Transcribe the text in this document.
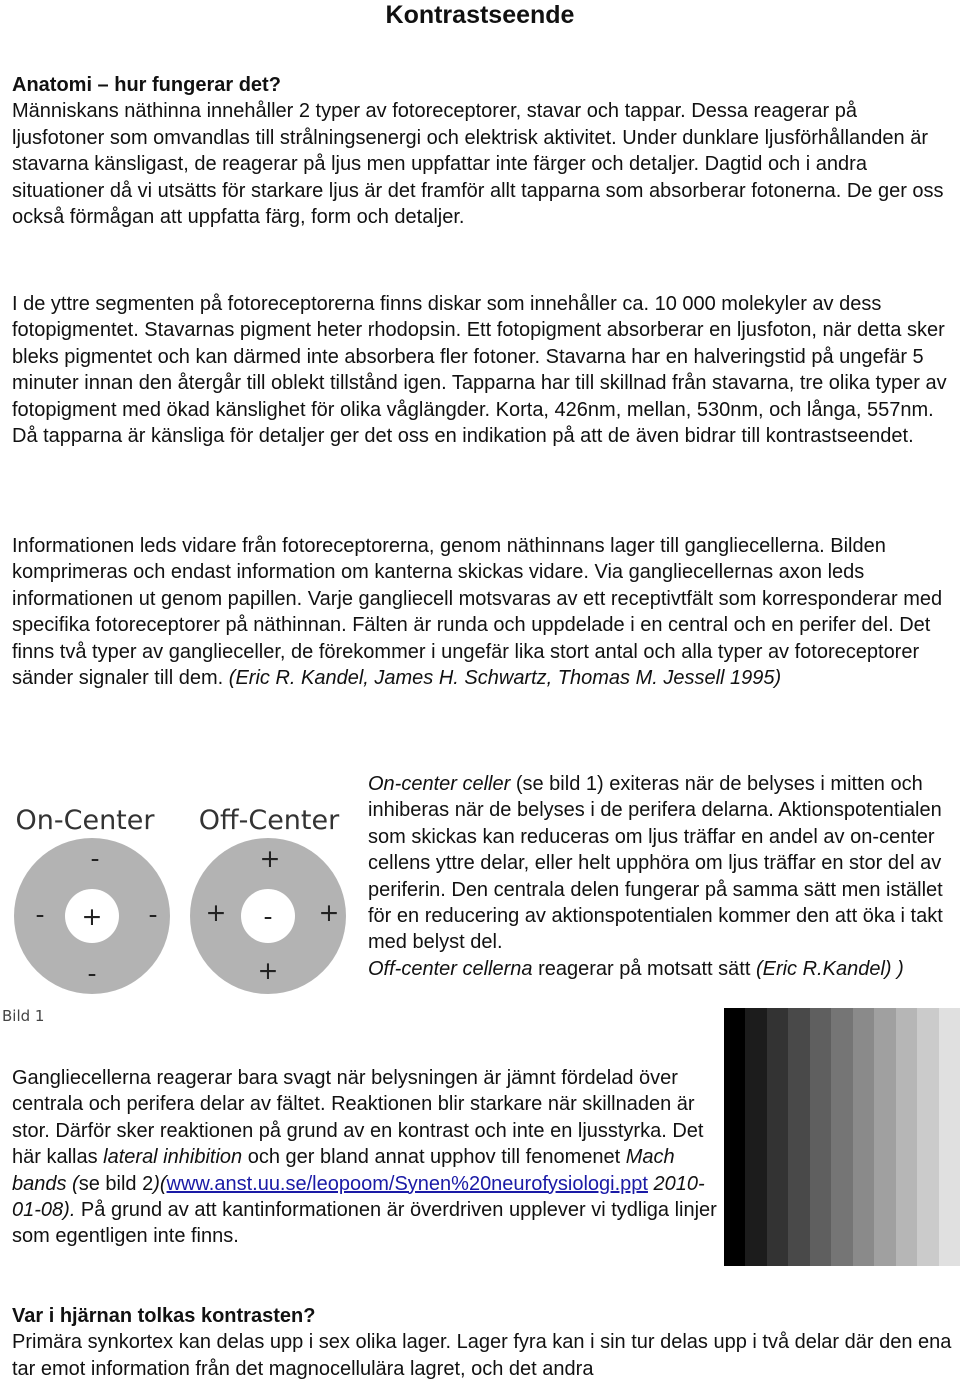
Kontrastseende

Anatomi – hur fungerar det?
Människans näthinna innehåller 2 typer av fotoreceptorer, stavar och tappar. Dessa reagerar på ljusfotoner som omvandlas till strålningsenergi och elektrisk aktivitet. Under dunklare ljusförhållanden är stavarna känsligast, de reagerar på ljus men uppfattar inte färger och detaljer. Dagtid och i andra situationer då vi utsätts för starkare ljus är det framför allt tapparna som absorberar fotonerna. De ger oss också förmågan att uppfatta färg, form och detaljer.

I de yttre segmenten på fotoreceptorerna finns diskar som innehåller ca. 10 000 molekyler av dess fotopigmentet. Stavarnas pigment heter rhodopsin. Ett fotopigment absorberar en ljusfoton, när detta sker bleks pigmentet och kan därmed inte absorbera fler fotoner. Stavarna har en halveringstid på ungefär 5 minuter innan den återgår till oblekt tillstånd igen. Tapparna har till skillnad från stavarna, tre olika typer av fotopigment med ökad känslighet för olika våglängder. Korta, 426nm, mellan, 530nm, och långa, 557nm. Då tapparna är känsliga för detaljer ger det oss en indikation på att de även bidrar till kontrastseendet.

Informationen leds vidare från fotoreceptorerna, genom näthinnans lager till gangliecellerna. Bilden komprimeras och endast information om kanterna skickas vidare. Via gangliecellernas axon leds informationen ut genom papillen. Varje gangliecell motsvaras av ett receptivtfält som korresponderar med specifika fotoreceptorer på näthinnan. Fälten är runda och uppdelade i en central och en perifer del. Det finns två typer av ganglieceller, de förekommer i ungefär lika stort antal och alla typer av fotoreceptorer sänder signaler till dem. (Eric R. Kandel, James H. Schwartz, Thomas M. Jessell 1995)

On-Center Off-Center
+
-
-	-
-
-
+
+	+
+
Bild 1

On-center celler (se bild 1) exiteras när de belyses i mitten och inhiberas när de belyses i de perifera delarna. Aktionspotentialen som skickas kan reduceras om ljus träffar en andel av on-center cellens yttre delar, eller helt upphöra om ljus träffar en stor del av periferin. Den centrala delen fungerar på samma sätt men istället för en reducering av aktionspotentialen kommer den att öka i takt med belyst del.
Off-center cellerna reagerar på motsatt sätt (Eric R.Kandel) )

Gangliecellerna reagerar bara svagt när belysningen är jämnt fördelad över centrala och perifera delar av fältet. Reaktionen blir starkare när skillnaden är stor. Därför sker reaktionen på grund av en kontrast och inte en ljusstyrka. Det här kallas lateral inhibition och ger bland annat upphov till fenomenet Mach bands (se bild 2)(www.anst.uu.se/leopoom/Synen%20neurofysiologi.ppt 2010-01-08). På grund av att kantinformationen är överdriven upplever vi tydliga linjer som egentligen inte finns.

Var i hjärnan tolkas kontrasten?
Primära synkortex kan delas upp i sex olika lager. Lager fyra kan i sin tur delas upp i två delar där den ena tar emot information från det magnocellulära lagret, och det andra
